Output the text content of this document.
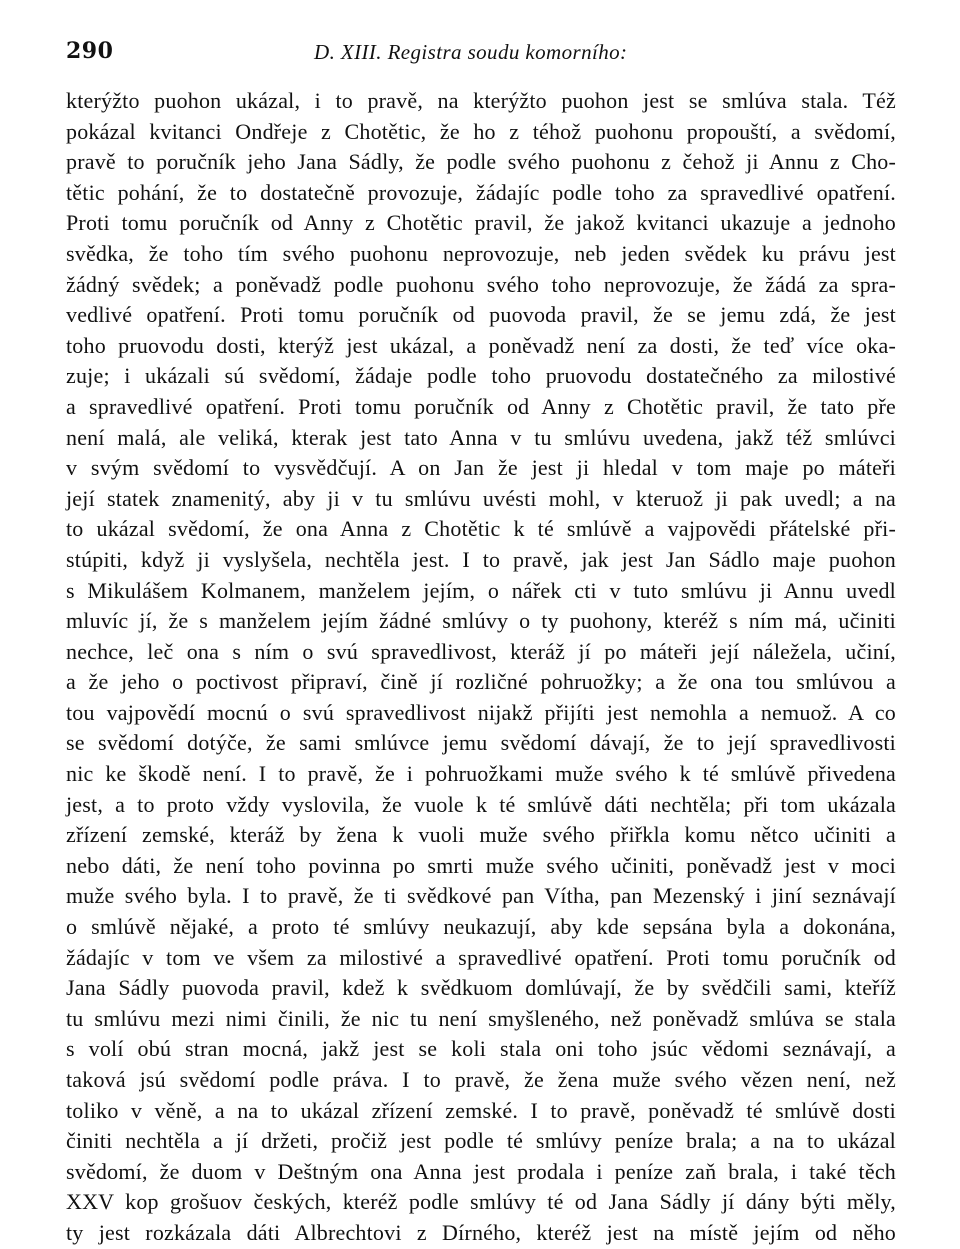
290	D. XIII. Registra soudu komorního:
kterýžto puohon ukázal, i to pravě, na kterýžto puohon jest se smlúva stala. Též
pokázal kvitanci Ondřeje z Chotětic, že ho z téhož puohonu propouští, a svědomí,
pravě to poručník jeho Jana Sádly, že podle svého puohonu z čehož ji Annu z Cho-
tětic pohání, že to dostatečně provozuje, žádajíc podle toho za spravedlivé opatření.
Proti tomu poručník od Anny z Chotětic pravil, že jakož kvitanci ukazuje a jednoho
svědka, že toho tím svého puohonu neprovozuje, neb jeden svědek ku právu jest
žádný svědek; a poněvadž podle puohonu svého toho neprovozuje, že žádá za spra-
vedlivé opatření. Proti tomu poručník od puovoda pravil, že se jemu zdá, že jest
toho pruovodu dosti, kterýž jest ukázal, a poněvadž není za dosti, že teď více oka-
zuje; i ukázali sú svědomí, žádaje podle toho pruovodu dostatečného za milostivé
a spravedlivé opatření. Proti tomu poručník od Anny z Chotětic pravil, že tato pře
není malá, ale veliká, kterak jest tato Anna v tu smlúvu uvedena, jakž též smlúvci
v svým svědomí to vysvědčují. A on Jan že jest ji hledal v tom maje po máteři
její statek znamenitý, aby ji v tu smlúvu uvésti mohl, v kteruož ji pak uvedl; a na
to ukázal svědomí, že ona Anna z Chotětic k té smlúvě a vajpovědi přátelské při-
stúpiti, když ji vyslyšela, nechtěla jest. I to pravě, jak jest Jan Sádlo maje puohon
s Mikulášem Kolmanem, manželem jejím, o nářek cti v tuto smlúvu ji Annu uvedl
mluvíc jí, že s manželem jejím žádné smlúvy o ty puohony, kteréž s ním má, učiniti
nechce, leč ona s ním o svú spravedlivost, kteráž jí po máteři její náležela, učiní,
a že jeho o poctivost připraví, čině jí rozličné pohruožky; a že ona tou smlúvou a
tou vajpovědí mocnú o svú spravedlivost nijakž přijíti jest nemohla a nemuož. A co
se svědomí dotýče, že sami smlúvce jemu svědomí dávají, že to její spravedlivosti
nic ke škodě není. I to pravě, že i pohruožkami muže svého k té smlúvě přivedena
jest, a to proto vždy vyslovila, že vuole k té smlúvě dáti nechtěla; při tom ukázala
zřízení zemské, kteráž by žena k vuoli muže svého přiřkla komu nětco učiniti a
nebo dáti, že není toho povinna po smrti muže svého učiniti, poněvadž jest v moci
muže svého byla. I to pravě, že ti svědkové pan Vítha, pan Mezenský i jiní seznávají
o smlúvě nějaké, a proto té smlúvy neukazují, aby kde sepsána byla a dokonána,
žádajíc v tom ve všem za milostivé a spravedlivé opatření. Proti tomu poručník od
Jana Sádly puovoda pravil, kdež k svědkuom domlúvají, že by svědčili sami, kteříž
tu smlúvu mezi nimi činili, že nic tu není smyšleného, než poněvadž smlúva se stala
s volí obú stran mocná, jakž jest se koli stala oni toho jsúc vědomi seznávají, a
taková jsú svědomí podle práva. I to pravě, že žena muže svého vězen není, než
toliko v věně, a na to ukázal zřízení zemské. I to pravě, poněvadž té smlúvě dosti
činiti nechtěla a jí držeti, pročiž jest podle té smlúvy peníze brala; a na to ukázal
svědomí, že duom v Deštným ona Anna jest prodala i peníze zaň brala, i také těch
XXV kop grošuov českých, kteréž podle smlúvy té od Jana Sádly jí dány býti měly,
ty jest rozkázala dáti Albrechtovi z Dírného, kteréž jest na místě jejím od něho
